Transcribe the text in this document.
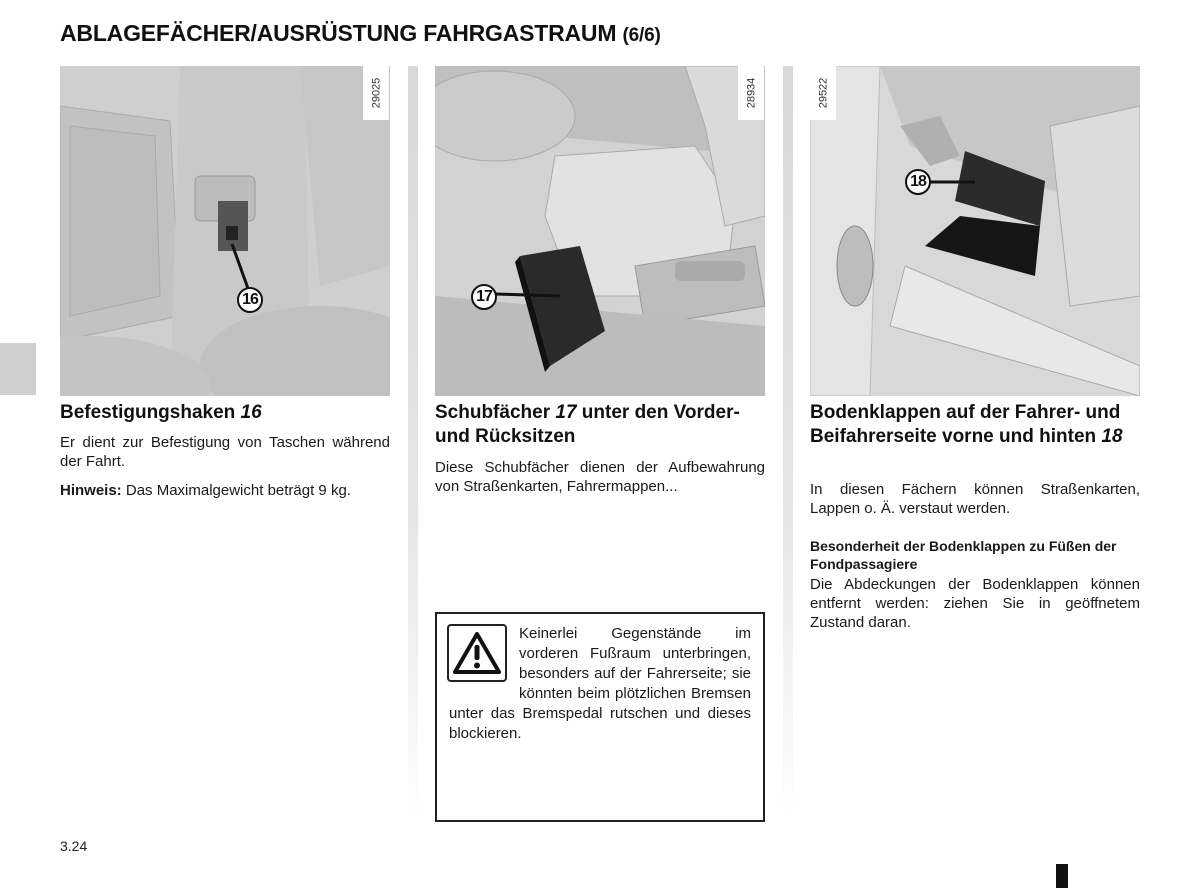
ABLAGEFÄCHER/AUSRÜSTUNG FAHRGASTRAUM (6/6)
29025
16
28934
17
29522
18
Befestigungshaken 16
Er dient zur Befestigung von Taschen während der Fahrt.
Hinweis: Das Maximalgewicht beträgt 9 kg.
Schubfächer 17 unter den Vorder- und Rücksitzen
Diese Schubfächer dienen der Aufbewahrung von Straßenkarten, Fahrermappen...
Bodenklappen auf der Fahrer- und Beifahrerseite vorne und hinten 18
In diesen Fächern können Straßenkarten, Lappen o. Ä. verstaut werden.
Besonderheit der Bodenklappen zu Füßen der Fondpassagiere
Die Abdeckungen der Bodenklappen können entfernt werden: ziehen Sie in geöffnetem Zustand daran.
Keinerlei Gegenstände im vorderen Fußraum unterbringen, besonders auf der Fahrerseite; sie könnten beim plötzlichen Bremsen unter das Bremspedal rutschen und dieses blockieren.
3.24
